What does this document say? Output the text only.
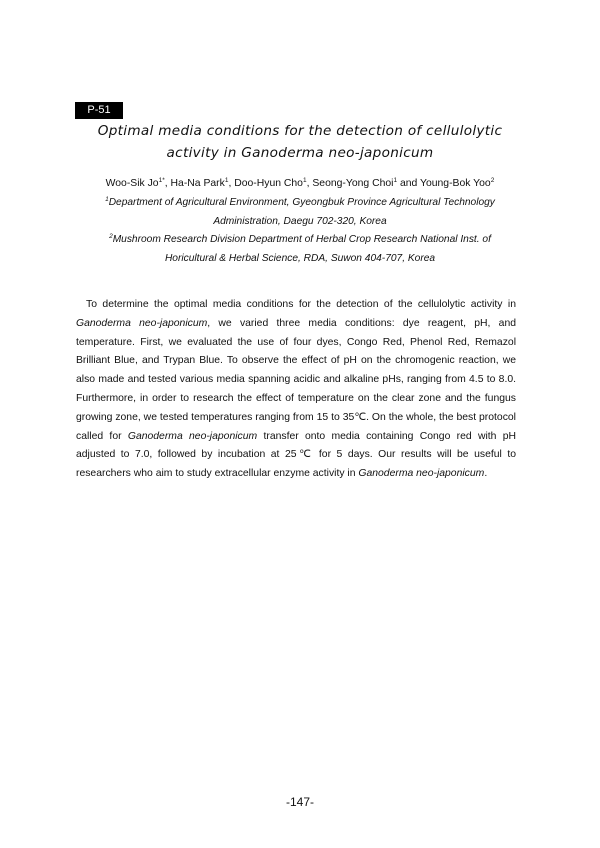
P-51
Optimal media conditions for the detection of cellulolytic
activity in Ganoderma neo-japonicum
Woo-Sik $Jo^{1*}$, Ha-Na Park$^1$, Doo-Hyun Cho$^1$, Seong-Yong Choi$^1$ and Young-Bok Yoo$^2$
$^1$Department of Agricultural Environment, Gyeongbuk Province Agricultural Technology
Administration, Daegu 702-320, Korea
$^2$Mushroom Research Division Department of Herbal Crop Research National Inst. of
Horicultural & Herbal Science, RDA, Suwon 404-707, Korea

To determine the optimal media conditions for the detection of the cellulolytic activity in Ganoderma neo-japonicum, we varied three media conditions: dye reagent, pH, and temperature. First, we evaluated the use of four dyes, Congo Red, Phenol Red, Remazol Brilliant Blue, and Trypan Blue. To observe the effect of pH on the chromogenic reaction, we also made and tested various media spanning acidic and alkaline pHs, ranging from 4.5 to 8.0. Furthermore, in order to research the effect of temperature on the clear zone and the fungus growing zone, we tested temperatures ranging from 15 to 35℃. On the whole, the best protocol called for Ganoderma neo-japonicum transfer onto media containing Congo red with pH adjusted to 7.0, followed by incubation at 25℃ for 5 days. Our results will be useful to researchers who aim to study extracellular enzyme activity in Ganoderma neo-japonicum.

-147-
